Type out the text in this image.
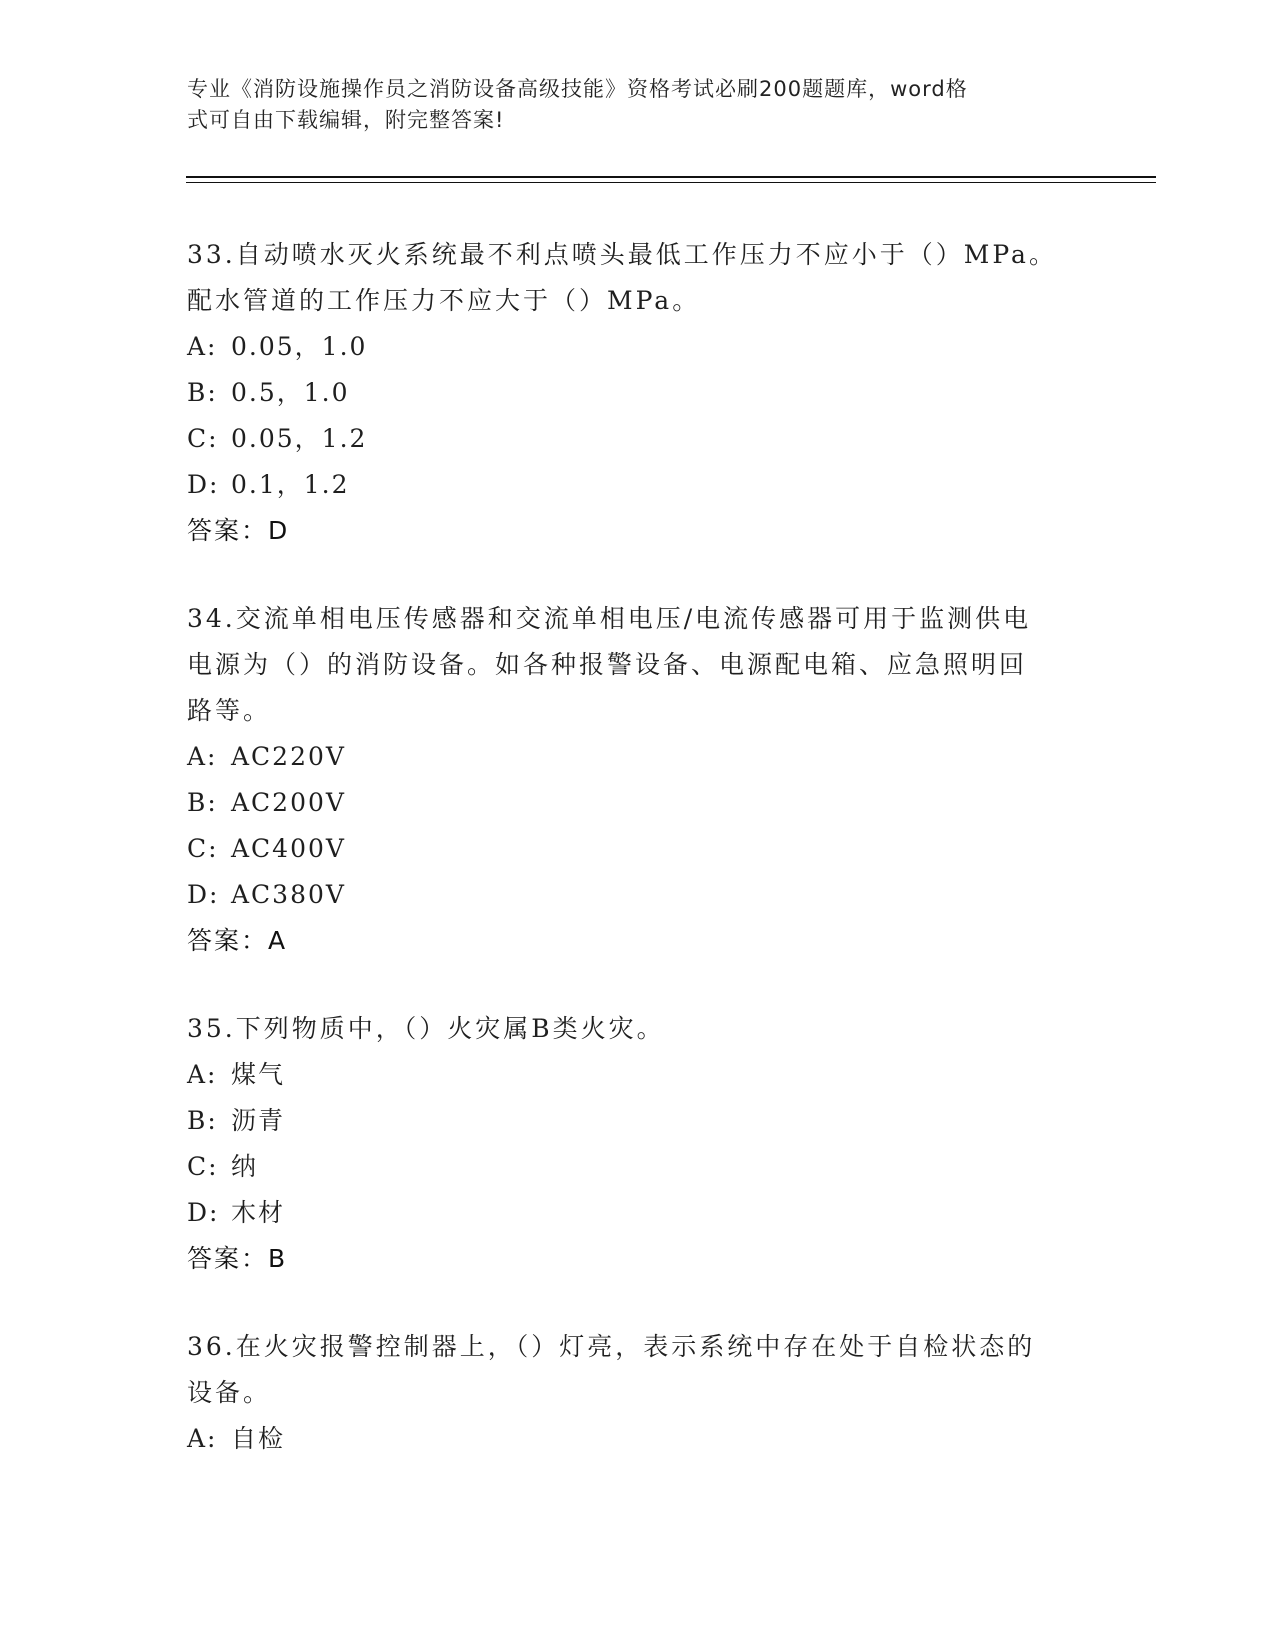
专业《消防设施操作员之消防设备高级技能》资格考试必刷200题题库，word格
式可自由下载编辑，附完整答案!
33.自动喷水灭火系统最不利点喷头最低工作压力不应小于（）MPa。
配水管道的工作压力不应大于（）MPa。
A: 0.05，1.0
B: 0.5，1.0
C: 0.05，1.2
D: 0.1，1.2
答案：D
34.交流单相电压传感器和交流单相电压/电流传感器可用于监测供电
电源为（）的消防设备。如各种报警设备、电源配电箱、应急照明回
路等。
A: AC220V
B: AC200V
C: AC400V
D: AC380V
答案：A
35.下列物质中，（）火灾属B类火灾。
A: 煤气
B: 沥青
C: 纳
D: 木材
答案：B
36.在火灾报警控制器上，（）灯亮，表示系统中存在处于自检状态的
设备。
A: 自检
